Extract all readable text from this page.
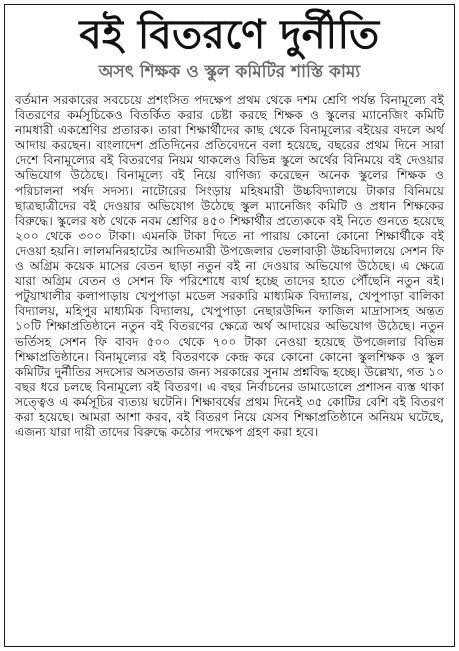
বই বিতরণে দুর্নীতি
অসৎ শিক্ষক ও স্কুল কমিটির শাস্তি কাম্য

বর্তমান সরকারের সবচেয়ে প্রশংসিত পদক্ষেপ প্রথম থেকে দশম শ্রেণি পর্যন্ত বিনামূল্যে বই বিতরণের কর্মসূচিকেও বিতর্কিত করার চেষ্টা করছে শিক্ষক ও স্কুলের ম্যানেজিং কমিটি নামধারী একশ্রেণির প্রতারক। তারা শিক্ষার্থীদের কাছ থেকে বিনামূল্যের বইয়ের বদলে অর্থ আদায় করছেন। বাংলাদেশ প্রতিদিনের প্রতিবেদনে বলা হয়েছে, বছরের প্রথম দিনে সারা দেশে বিনামূল্যের বই বিতরণের নিয়ম থাকলেও বিভিন্ন স্কুলে অর্থের বিনিময়ে বই দেওয়ার অভিযোগ উঠেছে। বিনামূল্যে বই নিয়ে বাণিজ্য করেছেন অনেক স্কুলের শিক্ষক ও পরিচালনা পর্ষদ সদস্য। নাটোরের সিংড়ায় মহিষমারী উচ্চবিদ্যালয়ে টাকার বিনিময়ে ছাত্রছাত্রীদের বই দেওয়ার অভিযোগ উঠেছে স্কুল ম্যানেজিং কমিটি ও প্রধান শিক্ষকের বিরুদ্ধে। স্কুলের ষষ্ঠ থেকে নবম শ্রেণির ৪৫০ শিক্ষার্থীর প্রত্যেককে বই নিতে গুনতে হয়েছে ২০০ থেকে ৩০০ টাকা। এমনকি টাকা দিতে না পারায় কোনো কোনো শিক্ষার্থীকে বই দেওয়া হয়নি। লালমনিরহাটের আদিতমারী উপজেলার ভেলাবাড়ী উচ্চবিদ্যালয়ে সেশন ফি ও অগ্রিম কয়েক মাসের বেতন ছাড়া নতুন বই না দেওয়ার অভিযোগ উঠেছে। এ ক্ষেত্রে যারা অগ্রিম বেতন ও সেশন ফি পরিশোধে ব্যর্থ হচ্ছে তাদের হাতে পৌঁছেনি নতুন বই। পটুয়াখালীর কলাপাড়ায় খেপুপাড়া মডেল সরকারি মাধ্যমিক বিদ্যালয়, খেপুপাড়া বালিকা বিদ্যালয়, মহিপুর মাধ্যমিক বিদ্যালয়, খেপুপাড়া নেছারউদ্দিন ফাজিল মাদ্রাসাসহ অন্তত ১০টি শিক্ষাপ্রতিষ্ঠানে নতুন বই বিতরণের ক্ষেত্রে অর্থ আদায়ের অভিযোগ উঠেছে। নতুন ভর্তিসহ সেশন ফি বাবদ ৫০০ থেকে ৭০০ টাকা নেওয়া হয়েছে উপজেলার বিভিন্ন শিক্ষাপ্রতিষ্ঠানে। বিনামূল্যের বই বিতরণকে কেন্দ্র করে কোনো কোনো স্কুলশিক্ষক ও স্কুল কমিটির দুর্নীতির সদস্যের অসততার জন্য সরকারের সুনাম প্রশ্নবিদ্ধ হচ্ছে। উল্লেখ্য, গত ১০ বছর ধরে চলছে বিনামূল্যে বই বিতরণ। এ বছর নির্বাচনের ডামাডোলে প্রশাসন ব্যস্ত থাকা সত্ত্বেও এ কর্মসূচির ব্যত্যয় ঘটেনি। শিক্ষাবর্ষের প্রথম দিনেই ৩৫ কোটির বেশি বই বিতরণ করা হয়েছে। আমরা আশা করব, বই বিতরণ নিয়ে যেসব শিক্ষাপ্রতিষ্ঠানে অনিয়ম ঘটেছে, এজন্য যারা দায়ী তাদের বিরুদ্ধে কঠোর পদক্ষেপ গ্রহণ করা হবে।
